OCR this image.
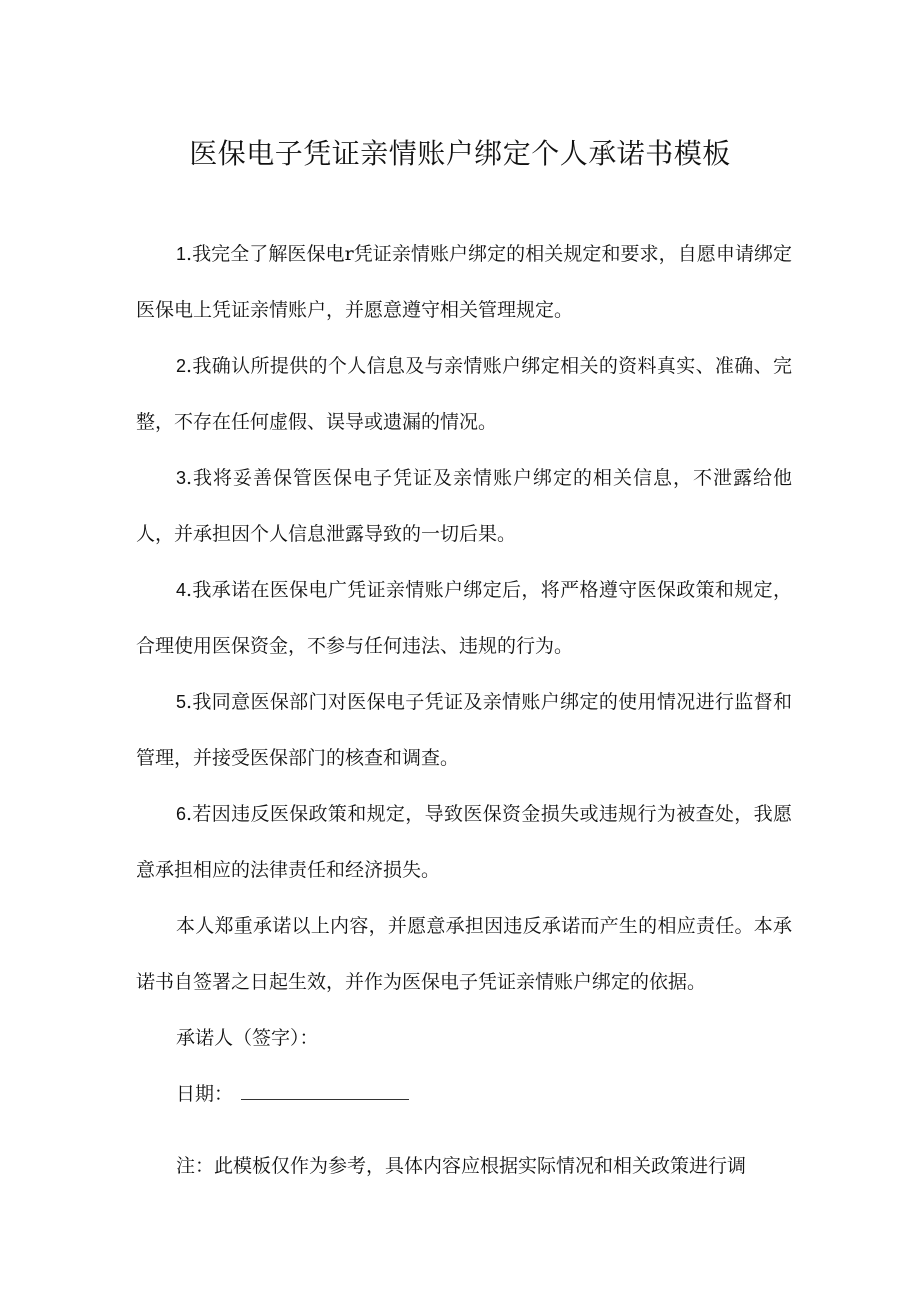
医保电子凭证亲情账户绑定个人承诺书模板

1.我完全了解医保电r凭证亲情账户绑定的相关规定和要求，自愿申请绑定医保电上凭证亲情账户，并愿意遵守相关管理规定。

2.我确认所提供的个人信息及与亲情账户绑定相关的资料真实、准确、完整，不存在任何虚假、误导或遗漏的情况。

3.我将妥善保管医保电子凭证及亲情账户绑定的相关信息，不泄露给他人，并承担因个人信息泄露导致的一切后果。

4.我承诺在医保电广凭证亲情账户绑定后，将严格遵守医保政策和规定，合理使用医保资金，不参与任何违法、违规的行为。

5.我同意医保部门对医保电子凭证及亲情账户绑定的使用情况进行监督和管理，并接受医保部门的核查和调查。

6.若因违反医保政策和规定，导致医保资金损失或违规行为被查处，我愿意承担相应的法律责任和经济损失。

本人郑重承诺以上内容，并愿意承担因违反承诺而产生的相应责任。本承诺书自签署之日起生效，并作为医保电子凭证亲情账户绑定的依据。

承诺人（签字）：

日期：

注：此模板仅作为参考，具体内容应根据实际情况和相关政策进行调
